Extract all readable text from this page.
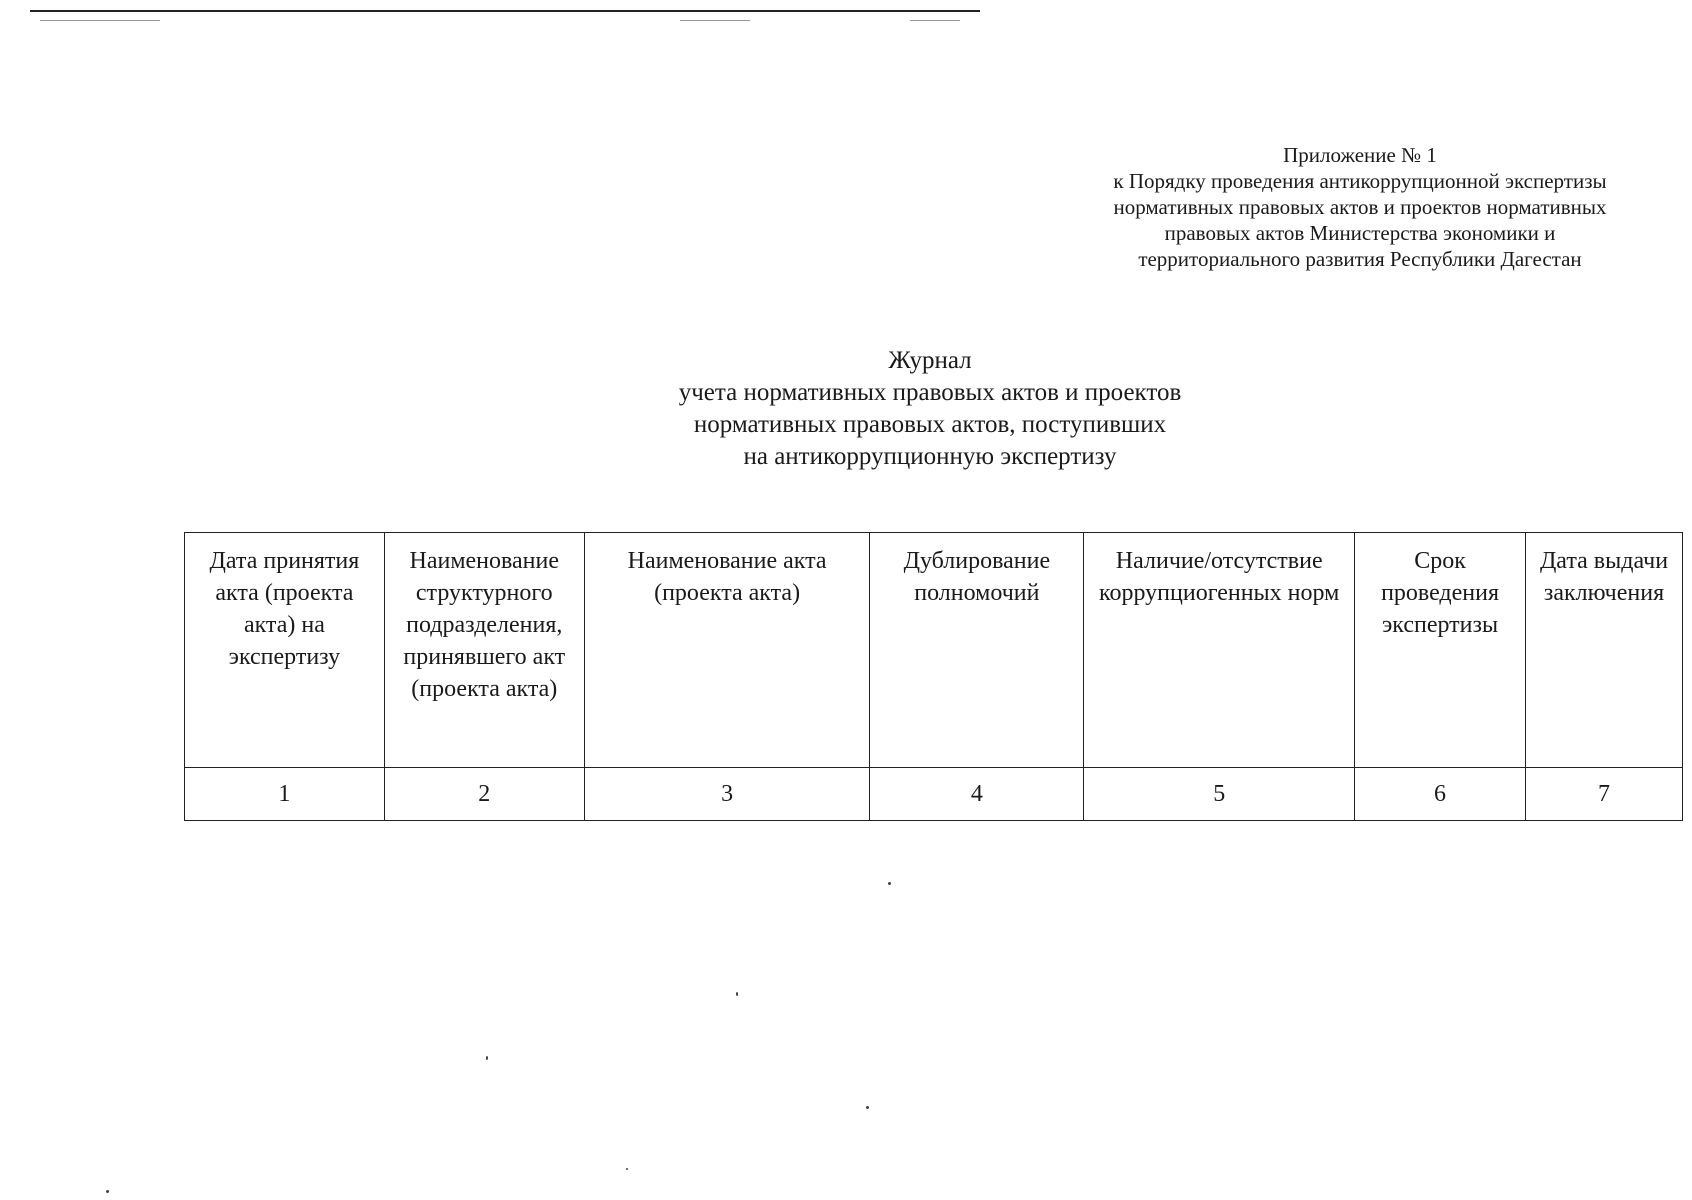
Приложение № 1
к Порядку проведения антикоррупционной экспертизы
нормативных правовых актов и проектов нормативных
правовых актов Министерства экономики и
территориального развития Республики Дагестан
Журнал
учета нормативных правовых актов и проектов
нормативных правовых актов, поступивших
на антикоррупционную экспертизу
Дата принятия акта (проекта акта) на экспертизу	Наименование структурного подразделения, принявшего акт (проекта акта)	Наименование акта (проекта акта)	Дублирование полномочий	Наличие/отсутствие коррупциогенных норм	Срок проведения экспертизы	Дата выдачи заключения
1	2	3	4	5	6	7
